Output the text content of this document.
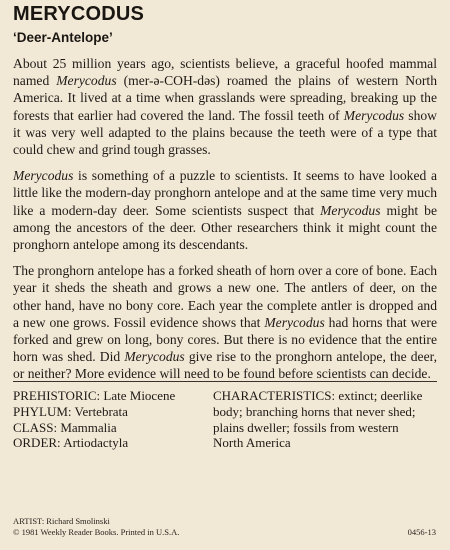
MERYCODUS
‘Deer-Antelope’

About 25 million years ago, scientists believe, a graceful hoofed mammal named Merycodus (mer-ə-COH-dəs) roamed the plains of western North America. It lived at a time when grasslands were spreading, breaking up the forests that earlier had covered the land. The fossil teeth of Merycodus show it was very well adapted to the plains because the teeth were of a type that could chew and grind tough grasses.

Merycodus is something of a puzzle to scientists. It seems to have looked a little like the modern-day pronghorn antelope and at the same time very much like a modern-day deer. Some scientists suspect that Merycodus might be among the ancestors of the deer. Other researchers think it might count the pronghorn antelope among its descendants.

The pronghorn antelope has a forked sheath of horn over a core of bone. Each year it sheds the sheath and grows a new one. The antlers of deer, on the other hand, have no bony core. Each year the complete antler is dropped and a new one grows. Fossil evidence shows that Merycodus had horns that were forked and grew on long, bony cores. But there is no evidence that the entire horn was shed. Did Merycodus give rise to the pronghorn antelope, the deer, or neither? More evidence will need to be found before scientists can decide.

PREHISTORIC: Late Miocene
PHYLUM: Vertebrata
CLASS: Mammalia
ORDER: Artiodactyla
CHARACTERISTICS: extinct; deerlike body; branching horns that never shed; plains dweller; fossils from western North America
ARTIST: Richard Smolinski
© 1981 Weekly Reader Books. Printed in U.S.A.	0456-13
